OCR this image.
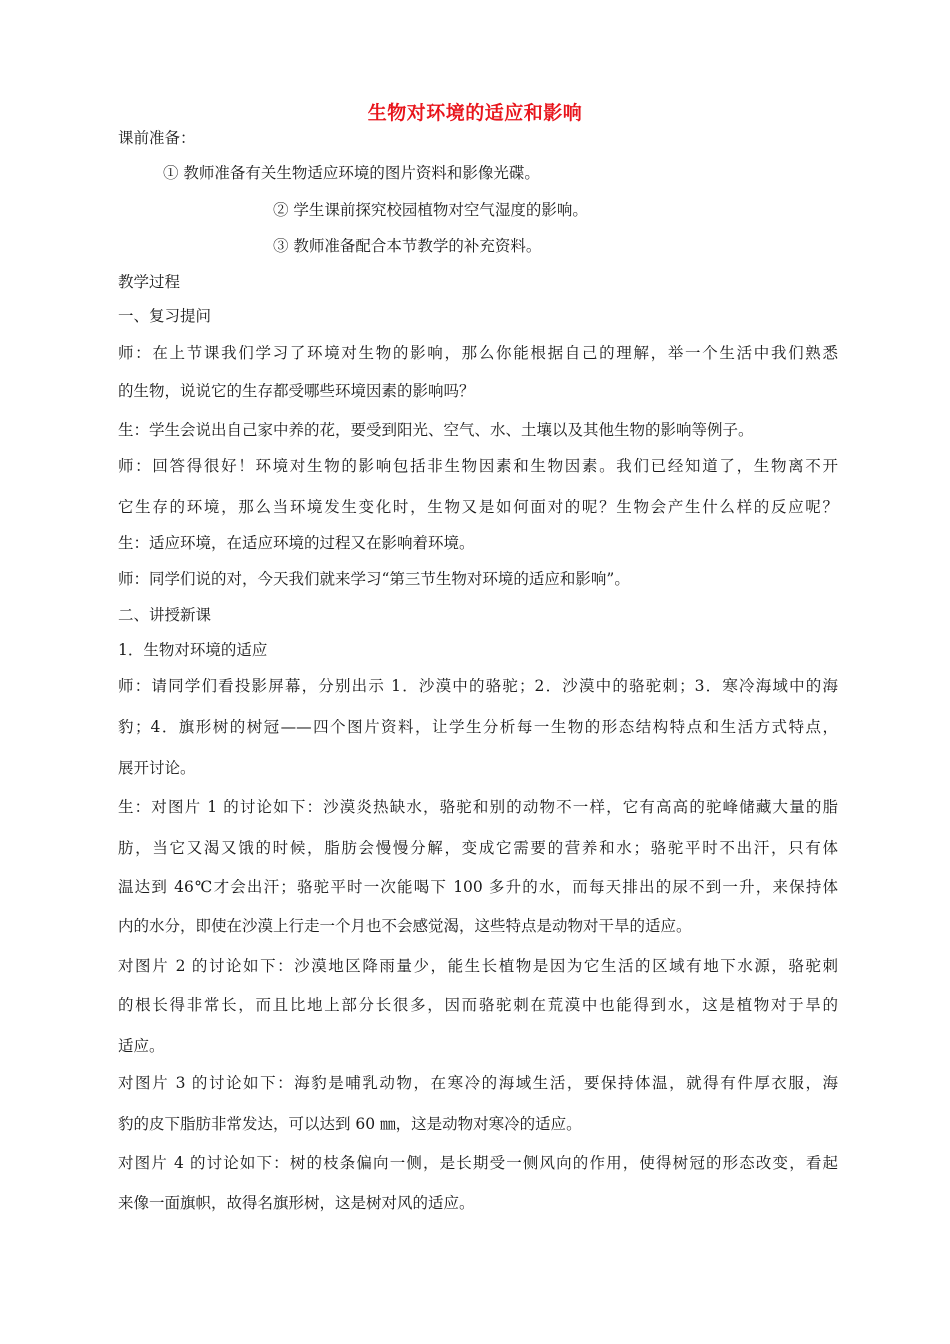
生物对环境的适应和影响
课前准备：
① 教师准备有关生物适应环境的图片资料和影像光碟。
② 学生课前探究校园植物对空气湿度的影响。
③ 教师准备配合本节教学的补充资料。
教学过程
一、复习提问
师：在上节课我们学习了环境对生物的影响，那么你能根据自己的理解，举一个生活中我们熟悉
的生物，说说它的生存都受哪些环境因素的影响吗？
生：学生会说出自己家中养的花，要受到阳光、空气、水、土壤以及其他生物的影响等例子。
师：回答得很好！环境对生物的影响包括非生物因素和生物因素。我们已经知道了，生物离不开
它生存的环境，那么当环境发生变化时，生物又是如何面对的呢？生物会产生什么样的反应呢？
生：适应环境，在适应环境的过程又在影响着环境。
师：同学们说的对，今天我们就来学习“第三节生物对环境的适应和影响”。
二、讲授新课
1．生物对环境的适应
师：请同学们看投影屏幕，分别出示 1．沙漠中的骆驼；2．沙漠中的骆驼刺；3．寒冷海域中的海
豹；4．旗形树的树冠——四个图片资料，让学生分析每一生物的形态结构特点和生活方式特点，
展开讨论。
生：对图片 1 的讨论如下：沙漠炎热缺水，骆驼和别的动物不一样，它有高高的驼峰储藏大量的脂
肪，当它又渴又饿的时候，脂肪会慢慢分解，变成它需要的营养和水；骆驼平时不出汗，只有体
温达到 46℃才会出汗；骆驼平时一次能喝下 100 多升的水，而每天排出的尿不到一升，来保持体
内的水分，即使在沙漠上行走一个月也不会感觉渴，这些特点是动物对干旱的适应。
对图片 2 的讨论如下：沙漠地区降雨量少，能生长植物是因为它生活的区域有地下水源，骆驼刺
的根长得非常长，而且比地上部分长很多，因而骆驼刺在荒漠中也能得到水，这是植物对于旱的
适应。
对图片 3 的讨论如下：海豹是哺乳动物，在寒冷的海域生活，要保持体温，就得有件厚衣服，海
豹的皮下脂肪非常发达，可以达到 60 ㎜，这是动物对寒冷的适应。
对图片 4 的讨论如下：树的枝条偏向一侧，是长期受一侧风向的作用，使得树冠的形态改变，看起
来像一面旗帜，故得名旗形树，这是树对风的适应。
